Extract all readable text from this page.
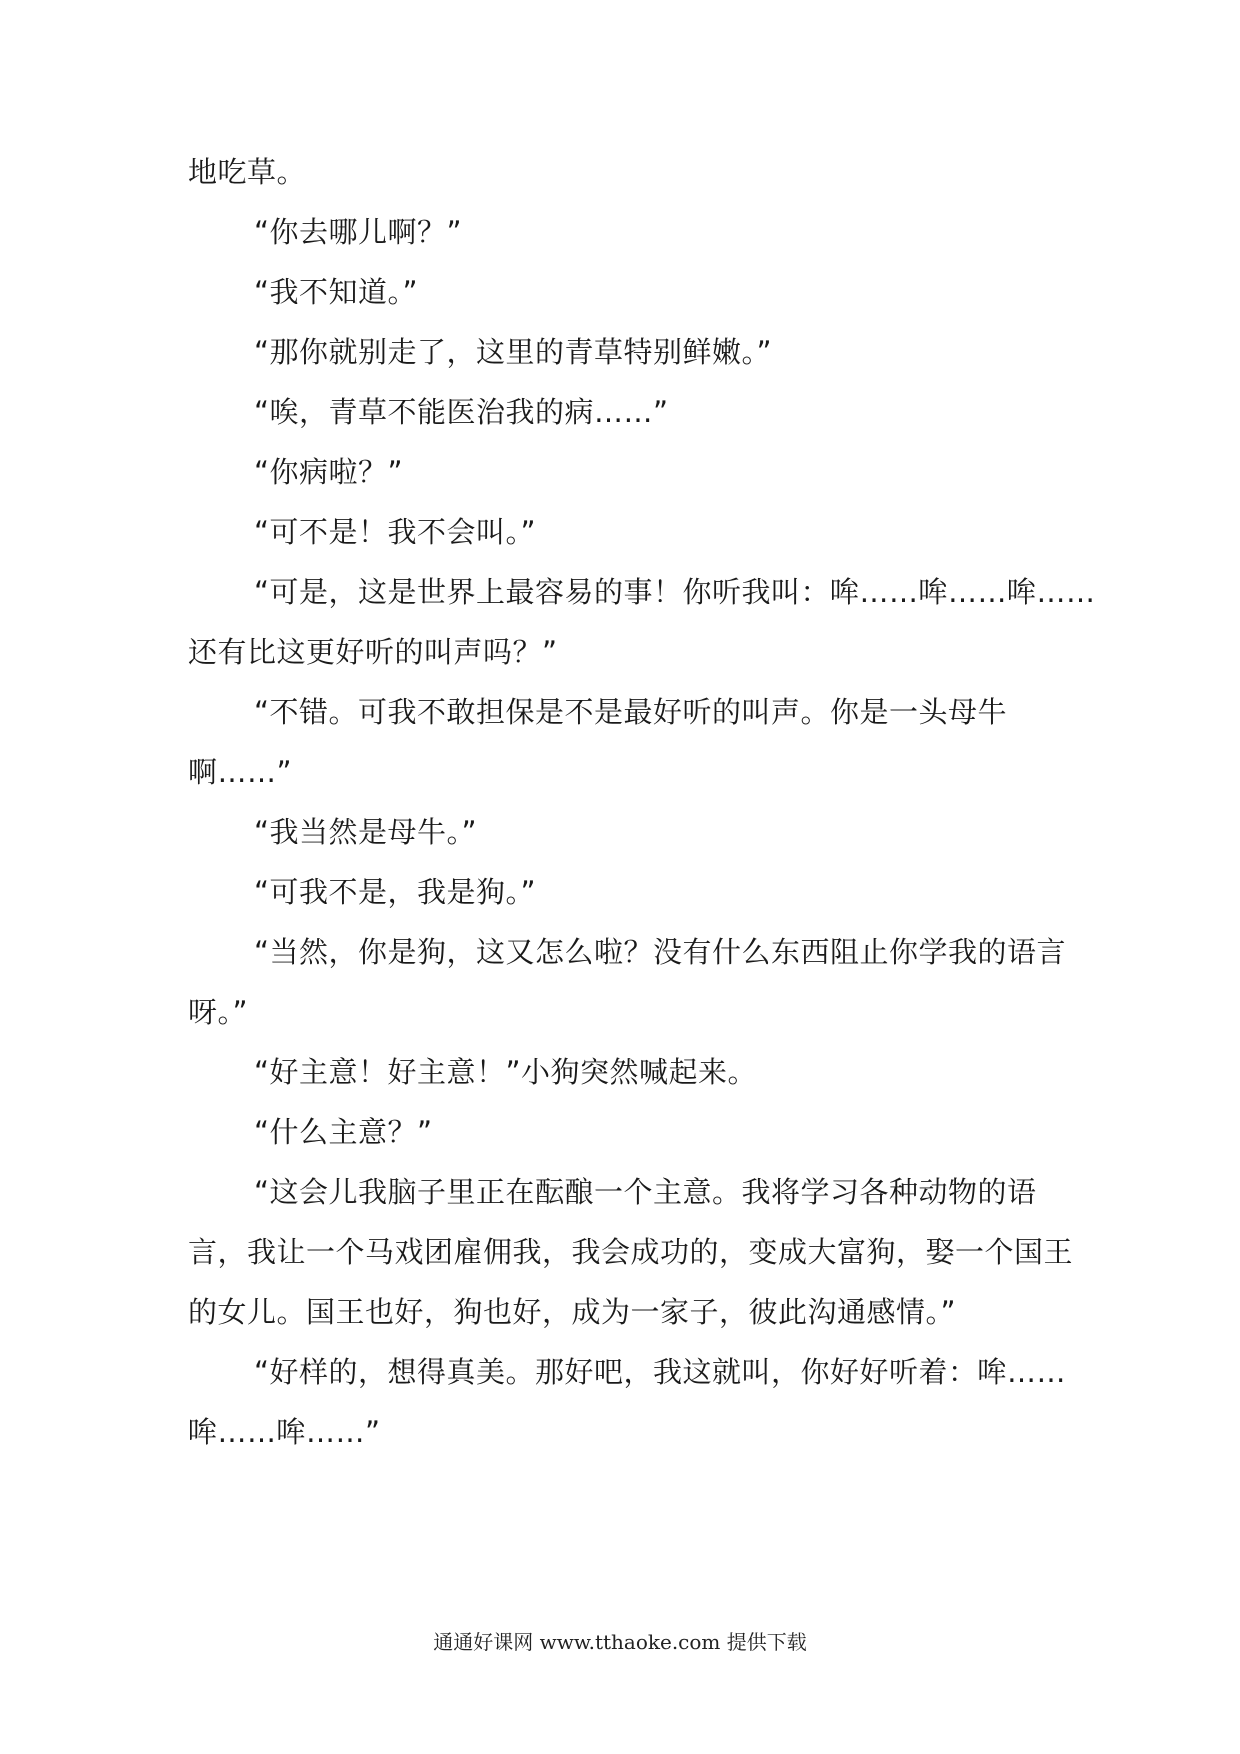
地吃草。
“你去哪儿啊？”
“我不知道。”
“那你就别走了，这里的青草特别鲜嫩。”
“唉，青草不能医治我的病……”
“你病啦？”
“可不是！我不会叫。”
“可是，这是世界上最容易的事！你听我叫：哞……哞……哞……
还有比这更好听的叫声吗？”
“不错。可我不敢担保是不是最好听的叫声。你是一头母牛
啊……”
“我当然是母牛。”
“可我不是，我是狗。”
“当然，你是狗，这又怎么啦？没有什么东西阻止你学我的语言
呀。”
“好主意！好主意！”小狗突然喊起来。
“什么主意？”
“这会儿我脑子里正在酝酿一个主意。我将学习各种动物的语
言，我让一个马戏团雇佣我，我会成功的，变成大富狗，娶一个国王
的女儿。国王也好，狗也好，成为一家子，彼此沟通感情。”
“好样的，想得真美。那好吧，我这就叫，你好好听着：哞……
哞……哞……”
通通好课网 www.tthaoke.com 提供下载
